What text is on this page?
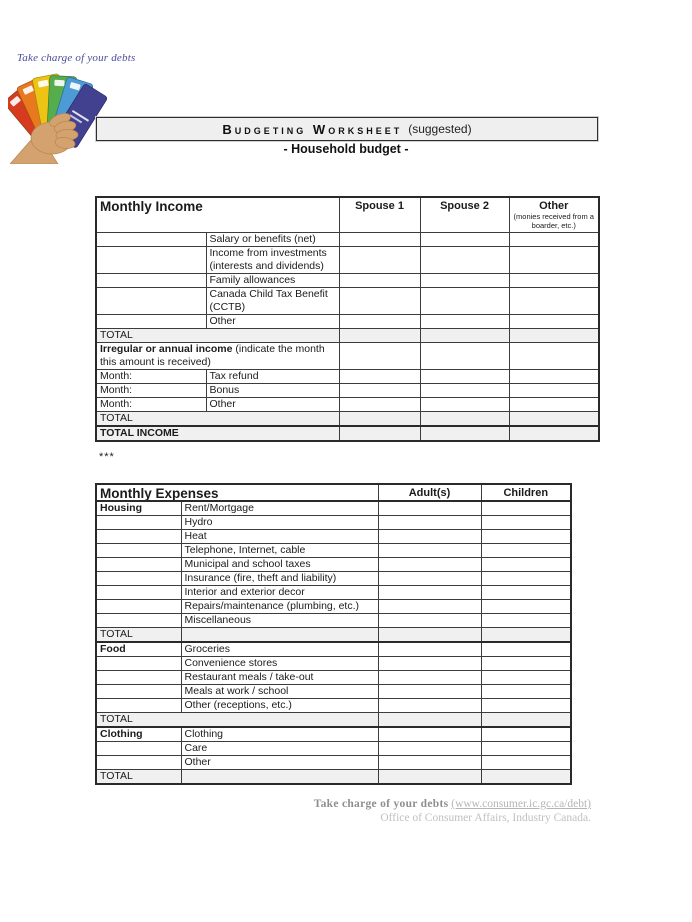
Take charge of your debts
Budgeting Worksheet (suggested)
- Household budget -
Monthly Income		Spouse 1	Spouse 2	Other
(monies received from a boarder, etc.)

	Salary or benefits (net)			
	Income from investments (interests and dividends)			
	Family allowances			
	Canada Child Tax Benefit (CCTB)			
	Other			
TOTAL				
Irregular or annual income (indicate the month this amount is received)				
Month:	Tax refund			
Month:	Bonus			
Month:	Other			
TOTAL				
TOTAL INCOME				
***
Monthly Expenses		Adult(s)	Children
Housing	Rent/Mortgage		
	Hydro		
	Heat		
	Telephone, Internet, cable		
	Municipal and school taxes		
	Insurance (fire, theft and liability)		
	Interior and exterior decor		
	Repairs/maintenance (plumbing, etc.)		
	Miscellaneous		
TOTAL			
Food	Groceries		
	Convenience stores		
	Restaurant meals / take-out		
	Meals at work / school		
	Other (receptions, etc.)		
TOTAL			
Clothing	Clothing		
	Care		
	Other		
TOTAL			
Take charge of your debts (www.consumer.ic.gc.ca/debt)
Office of Consumer Affairs, Industry Canada.
